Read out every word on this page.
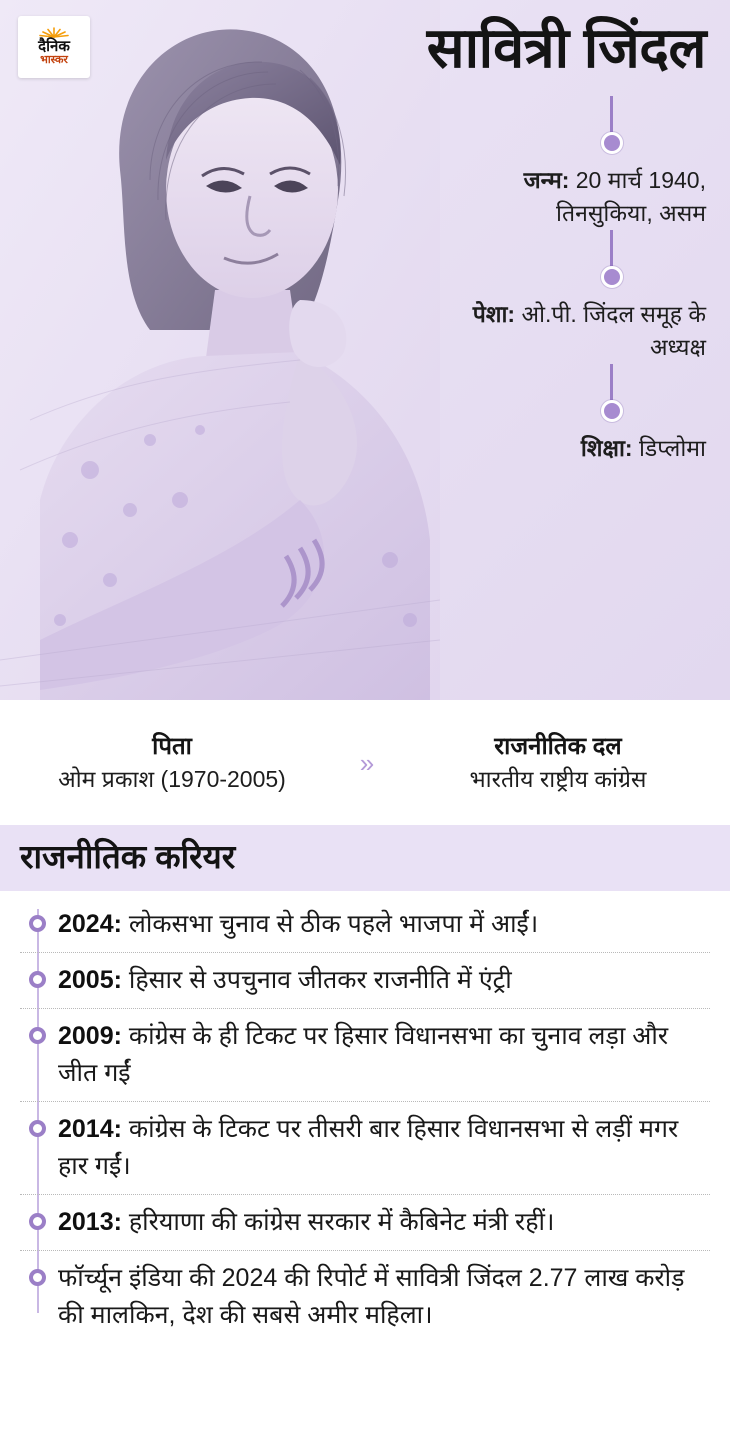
दैनिक
भास्कर	सावित्री जिंदल
जन्म: 20 मार्च 1940, तिनसुकिया, असम
पेशा: ओ.पी. जिंदल समूह के अध्यक्ष
शिक्षा: डिप्लोमा
पिता
ओम प्रकाश (1970-2005)
»
राजनीतिक दल
भारतीय राष्ट्रीय कांग्रेस
राजनीतिक करियर
2024: लोकसभा चुनाव से ठीक पहले भाजपा में आईं।
2005: हिसार से उपचुनाव जीतकर राजनीति में एंट्री
2009: कांग्रेस के ही टिकट पर हिसार विधानसभा का चुनाव लड़ा और जीत गईं
2014: कांग्रेस के टिकट पर तीसरी बार हिसार विधानसभा से लड़ीं मगर हार गईं।
2013: हरियाणा की कांग्रेस सरकार में कैबिनेट मंत्री रहीं।
फॉर्च्यून इंडिया की 2024 की रिपोर्ट में सावित्री जिंदल 2.77 लाख करोड़ की मालकिन, देश की सबसे अमीर महिला।
